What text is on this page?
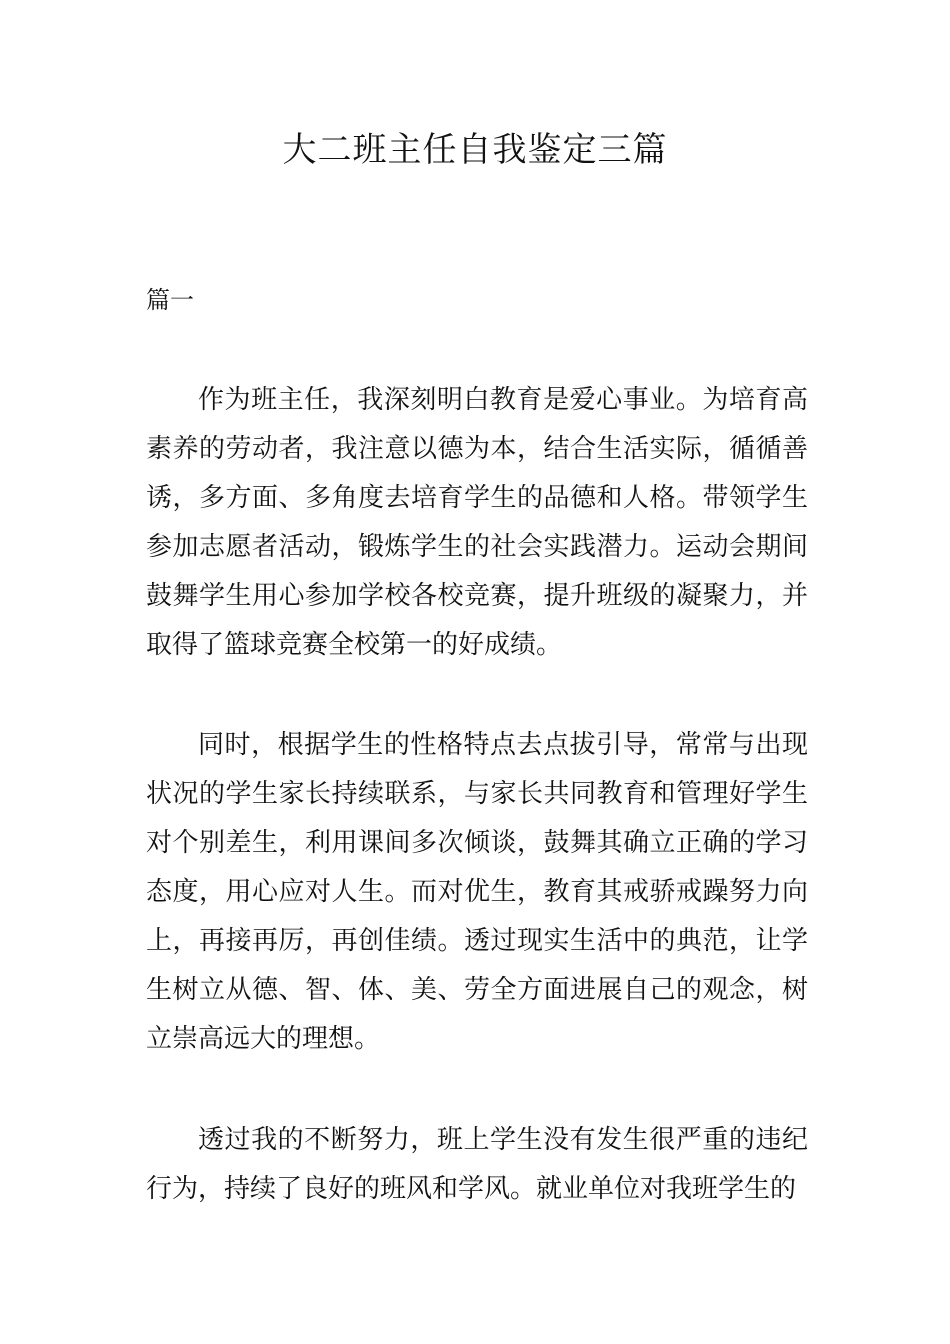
大二班主任自我鉴定三篇
篇一

作为班主任，我深刻明白教育是爱心事业。为培育高素养的劳动者，我注意以德为本，结合生活实际，循循善诱，多方面、多角度去培育学生的品德和人格。带领学生参加志愿者活动，锻炼学生的社会实践潜力。运动会期间鼓舞学生用心参加学校各校竞赛，提升班级的凝聚力，并取得了篮球竞赛全校第一的好成绩。

同时，根据学生的性格特点去点拔引导，常常与出现状况的学生家长持续联系，与家长共同教育和管理好学生对个别差生，利用课间多次倾谈，鼓舞其确立正确的学习态度，用心应对人生。而对优生，教育其戒骄戒躁努力向上，再接再厉，再创佳绩。透过现实生活中的典范，让学生树立从德、智、体、美、劳全方面进展自己的观念，树立崇高远大的理想。

透过我的不断努力，班上学生没有发生很严重的违纪行为，持续了良好的班风和学风。就业单位对我班学生的
